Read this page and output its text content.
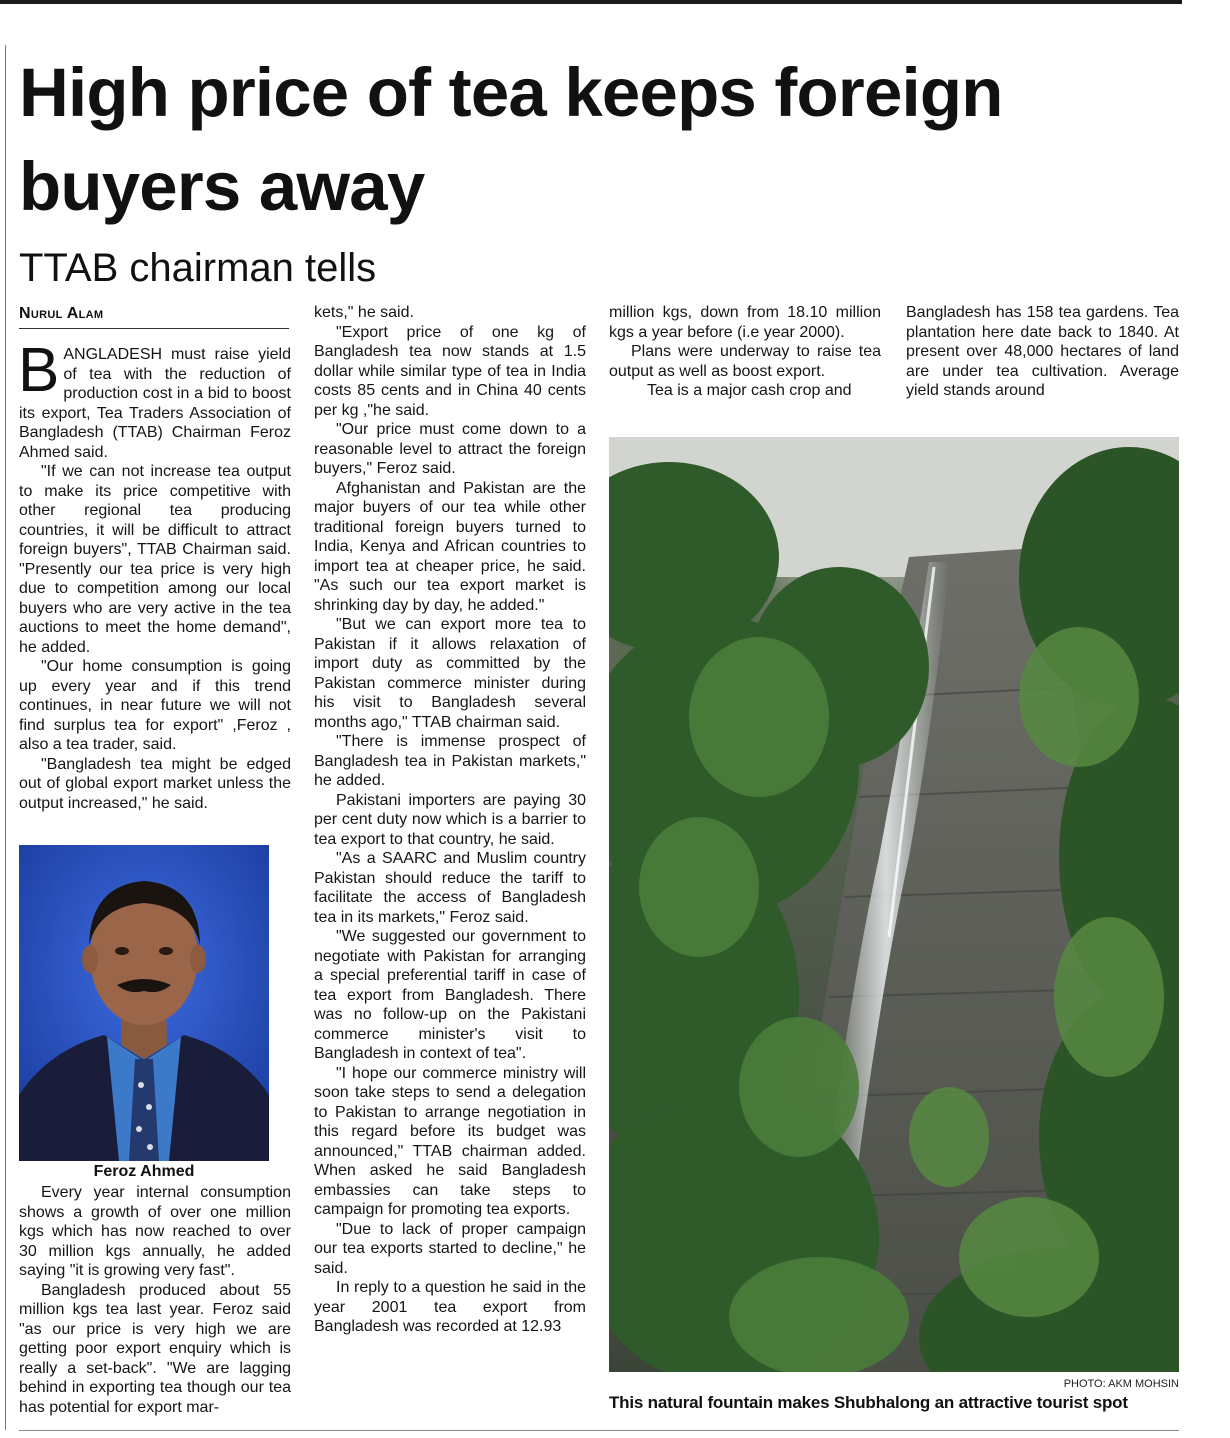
High price of tea keeps foreign buyers away
TTAB chairman tells
Nurul Alam

BANGLADESH must raise yield of tea with the reduction of production cost in a bid to boost its export, Tea Traders Association of Bangladesh (TTAB) Chairman Feroz Ahmed said.

"If we can not increase tea output to make its price competitive with other regional tea producing countries, it will be difficult to attract foreign buyers", TTAB Chairman said. "Presently our tea price is very high due to competition among our local buyers who are very active in the tea auctions to meet the home demand", he added.

"Our home consumption is going up every year and if this trend continues, in near future we will not find surplus tea for export" ,Feroz , also a tea trader, said.

"Bangladesh tea might be edged out of global export market unless the output increased," he said.

Feroz Ahmed

Every year internal consumption shows a growth of over one million kgs which has now reached to over 30 million kgs annually, he added saying "it is growing very fast".

Bangladesh produced about 55 million kgs tea last year. Feroz said "as our price is very high we are getting poor export enquiry which is really a set-back". "We are lagging behind in exporting tea though our tea has potential for export mar-

kets," he said.

"Export price of one kg of Bangladesh tea now stands at 1.5 dollar while similar type of tea in India costs 85 cents and in China 40 cents per kg ,"he said.

"Our price must come down to a reasonable level to attract the foreign buyers," Feroz said.

Afghanistan and Pakistan are the major buyers of our tea while other traditional foreign buyers turned to India, Kenya and African countries to import tea at cheaper price, he said. "As such our tea export market is shrinking day by day, he added."

"But we can export more tea to Pakistan if it allows relaxation of import duty as committed by the Pakistan commerce minister during his visit to Bangladesh several months ago," TTAB chairman said.

"There is immense prospect of Bangladesh tea in Pakistan markets," he added.

Pakistani importers are paying 30 per cent duty now which is a barrier to tea export to that country, he said.

"As a SAARC and Muslim country Pakistan should reduce the tariff to facilitate the access of Bangladesh tea in its markets," Feroz said.

"We suggested our government to negotiate with Pakistan for arranging a special preferential tariff in case of tea export from Bangladesh. There was no follow-up on the Pakistani commerce minister's visit to Bangladesh in context of tea".

"I hope our commerce ministry will soon take steps to send a delegation to Pakistan to arrange negotiation in this regard before its budget was announced," TTAB chairman added. When asked he said Bangladesh embassies can take steps to campaign for promoting tea exports.

"Due to lack of proper campaign our tea exports started to decline," he said.

In reply to a question he said in the year 2001 tea export from Bangladesh was recorded at 12.93

million kgs, down from 18.10 million kgs a year before (i.e year 2000).

Plans were underway to raise tea output as well as boost export.

Tea is a major cash crop and

Bangladesh has 158 tea gardens. Tea plantation here date back to 1840. At present over 48,000 hectares of land are under tea cultivation. Average yield stands around

PHOTO: AKM MOHSIN
This natural fountain makes Shubhalong an attractive tourist spot
